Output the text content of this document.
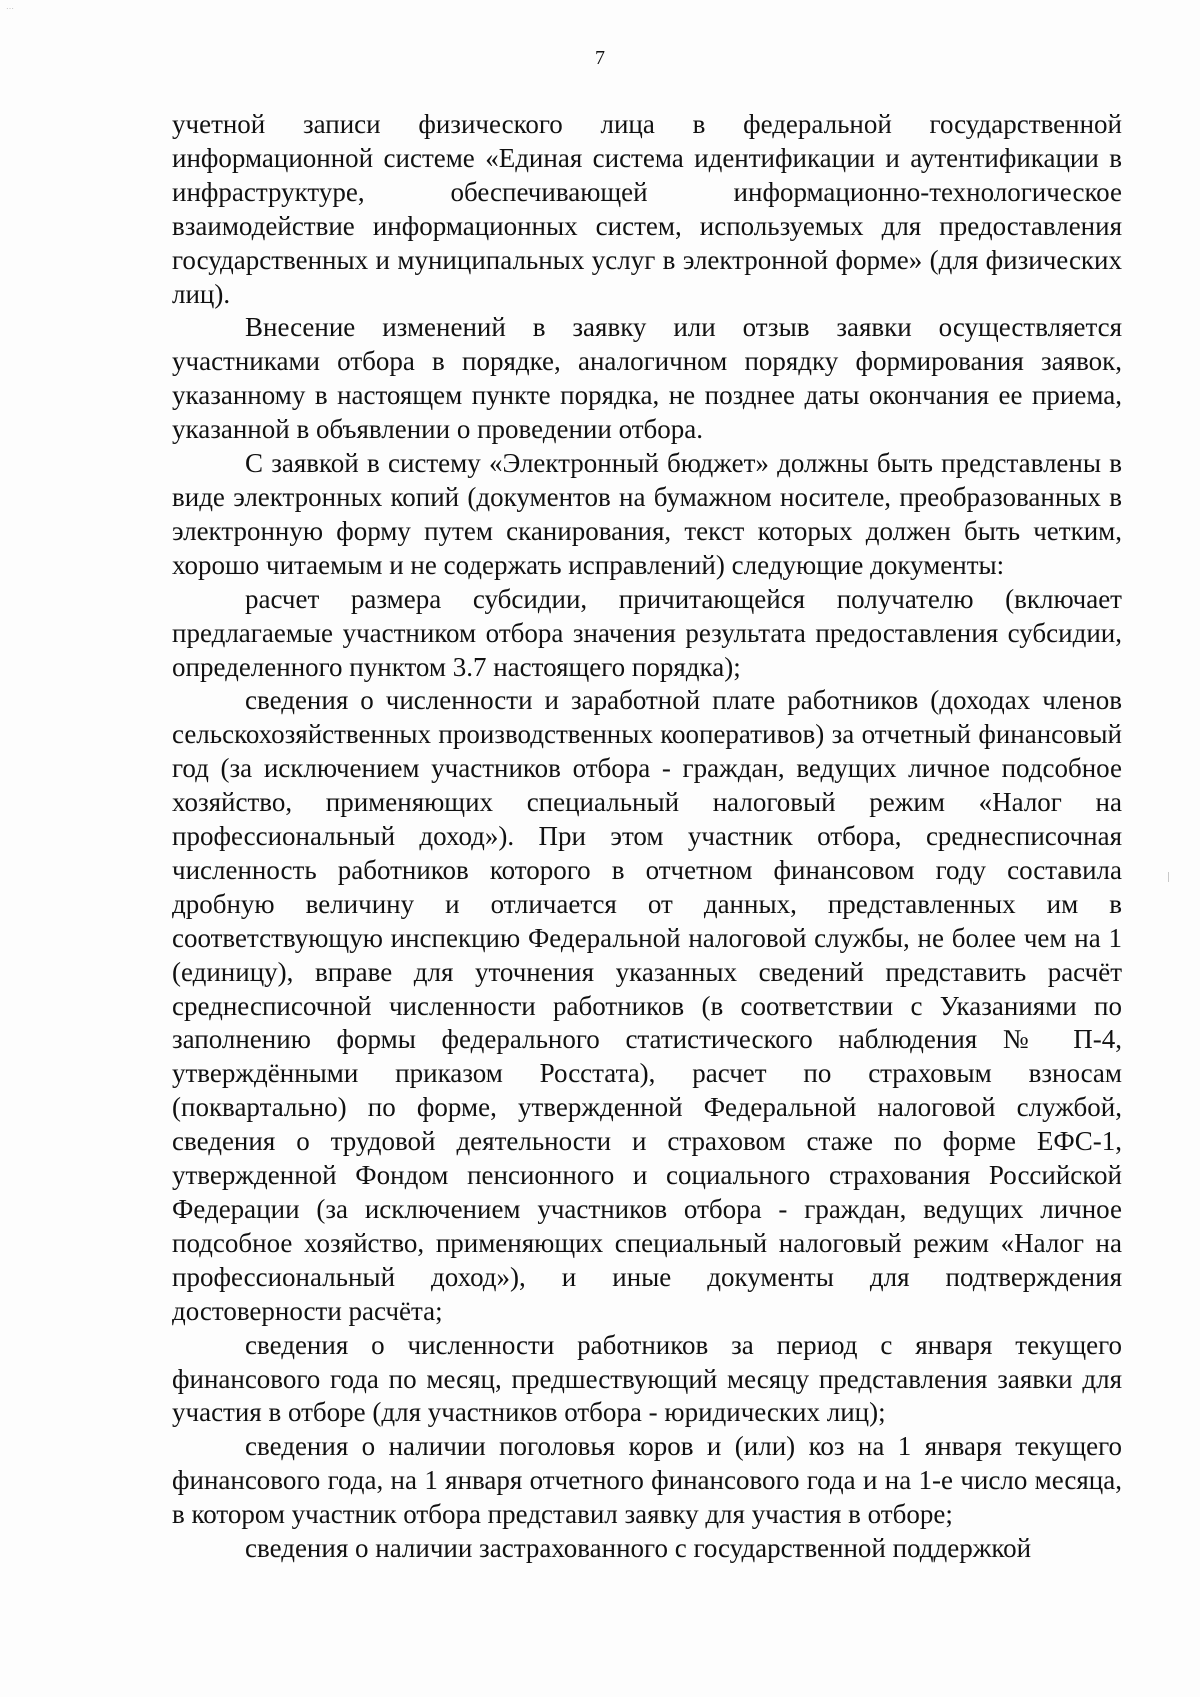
…
7

учетной записи физического лица в федеральной государственной информационной системе «Единая система идентификации и аутентификации в инфраструктуре, обеспечивающей информационно-технологическое взаимодействие информационных систем, используемых для предоставления государственных и муниципальных услуг в электронной форме» (для физических лиц).

Внесение изменений в заявку или отзыв заявки осуществляется участниками отбора в порядке, аналогичном порядку формирования заявок, указанному в настоящем пункте порядка, не позднее даты окончания ее приема, указанной в объявлении о проведении отбора.

С заявкой в систему «Электронный бюджет» должны быть представлены в виде электронных копий (документов на бумажном носителе, преобразованных в электронную форму путем сканирования, текст которых должен быть четким, хорошо читаемым и не содержать исправлений) следующие документы:

расчет размера субсидии, причитающейся получателю (включает предлагаемые участником отбора значения результата предоставления субсидии, определенного пунктом 3.7 настоящего порядка);

сведения о численности и заработной плате работников (доходах членов сельскохозяйственных производственных кооперативов) за отчетный финансовый год (за исключением участников отбора - граждан, ведущих личное подсобное хозяйство, применяющих специальный налоговый режим «Налог на профессиональный доход»). При этом участник отбора, среднесписочная численность работников которого в отчетном финансовом году составила дробную величину и отличается от данных, представленных им в соответствующую инспекцию Федеральной налоговой службы, не более чем на 1 (единицу), вправе для уточнения указанных сведений представить расчёт среднесписочной численности работников (в соответствии с Указаниями по заполнению формы федерального статистического наблюдения № П-4, утверждёнными приказом Росстата), расчет по страховым взносам (поквартально) по форме, утвержденной Федеральной налоговой службой, сведения о трудовой деятельности и страховом стаже по форме ЕФС-1, утвержденной Фондом пенсионного и социального страхования Российской Федерации (за исключением участников отбора - граждан, ведущих личное подсобное хозяйство, применяющих специальный налоговый режим «Налог на профессиональный доход»), и иные документы для подтверждения достоверности расчёта;

сведения о численности работников за период с января текущего финансового года по месяц, предшествующий месяцу представления заявки для участия в отборе (для участников отбора - юридических лиц);

сведения о наличии поголовья коров и (или) коз на 1 января текущего финансового года, на 1 января отчетного финансового года и на 1-е число месяца, в котором участник отбора представил заявку для участия в отборе;

сведения о наличии застрахованного с государственной поддержкой
